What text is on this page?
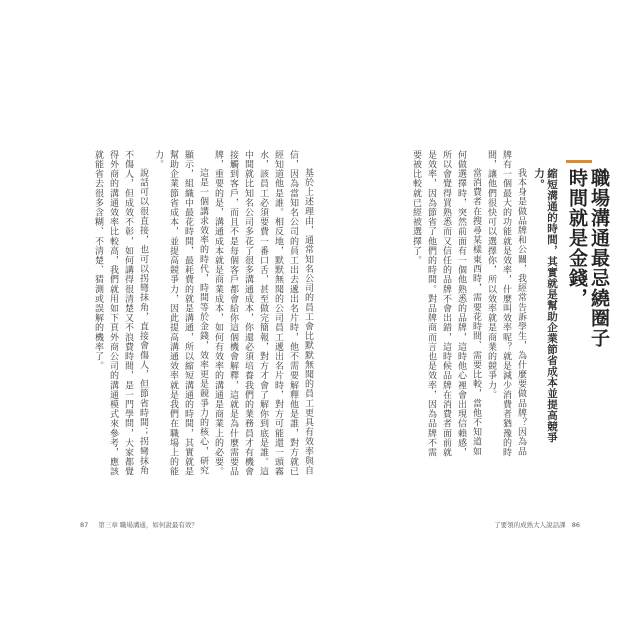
基於上述理由，通常知名公司的員工會比默默無聞的員工更具有效率與自信，因為當知名公司的員工出去遞出名片時，他不需要解釋他是誰，對方就已經知道他是誰。相反地，默默無聞的公司員工遞出名片時，對方可能還一頭霧水，該員工必須要費一番口舌，甚至做完簡報，對方才會了解你到底是誰。這中間就比知名公司多花了很多溝通成本，你還必須培養我們的業務員才有機會接觸到客戶，而且不是每個客戶都會給你這個機會解釋，這就是為什麼需要品牌，重要的是，溝通成本就是商業成本，如何有效率的溝通是商業上的必要。

這是一個講求效率的時代，時間等於金錢，效率更是競爭力的核心，研究顯示，組織中最花時間，最耗費的就是溝通，所以縮短溝通的時間，其實就是幫助企業節省成本，並提高競爭力，因此提高溝通效率就是我們在職場上的能力。

說話可以很直接，也可以拐彎抹角，直接會傷人，但節省時間；拐彎抹角不傷人，但成效不彰，如何講得很清楚又不浪費時間，是一門學問，大家都覺得外商的溝通效率比較高，我們就用如下頁外商公司的溝通模式來參考，應該就能省去很多含糊、不清楚、猜測或誤解的機率了。

87 第三章 職場溝通，如何說最有效？
時間就是金錢， 職場溝通最忌繞圈子
縮短溝通的時間，其實就是幫助企業節省成本並提高競爭力。

我本身是做品牌和公關，我經常告訴學生，為什麼要做品牌？因為品牌有一個最大的功能就是效率，什麼叫效率呢？就是減少消費者猶豫的時間，讓他們很快可以選擇你，所以效率就是商業的競爭力。

當消費者在搜尋某樣東西時，需要花時間、需要比較，當他不知道如何做選擇時，突然前面有一個他熟悉的品牌，這時他心裡會出現信賴感，所以會覺得買熟悉而又信任的品牌不會出錯，這時候品牌在消費者面前就是效率，因為節省了他們的時間。對品牌商而言也是效率，因為品牌不需要被比較就已經被選擇了。

了要領的成熟大人說話課 86
